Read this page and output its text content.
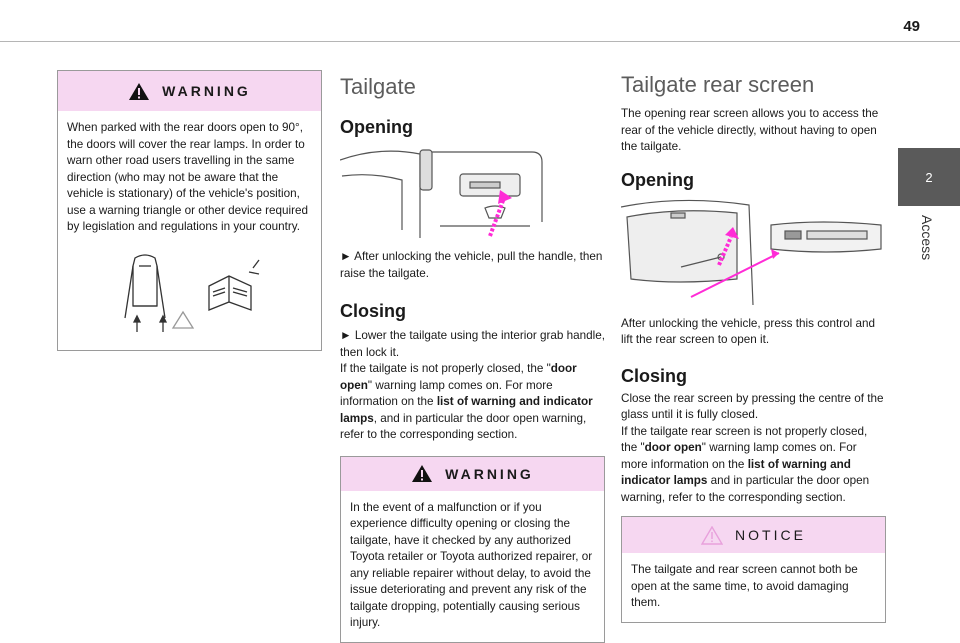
49
2
Access
WARNING

When parked with the rear doors open to 90°, the doors will cover the rear lamps. In order to warn other road users travelling in the same direction (who may not be aware that the vehicle is stationary) of the vehicle's position, use a warning triangle or other device required by legislation and regulations in your country.

Tailgate
Opening

► After unlocking the vehicle, pull the handle, then raise the tailgate.

Closing

► Lower the tailgate using the interior grab handle, then lock it.
If the tailgate is not properly closed, the "door open" warning lamp comes on. For more information on the list of warning and indicator lamps, and in particular the door open warning, refer to the corresponding section.

WARNING

In the event of a malfunction or if you experience difficulty opening or closing the tailgate, have it checked by any authorized Toyota retailer or Toyota authorized repairer, or any reliable repairer without delay, to avoid the issue deteriorating and prevent any risk of the tailgate dropping, potentially causing serious injury.

Tailgate rear screen

The opening rear screen allows you to access the rear of the vehicle directly, without having to open the tailgate.

Opening

After unlocking the vehicle, press this control and lift the rear screen to open it.

Closing

Close the rear screen by pressing the centre of the glass until it is fully closed.
If the tailgate rear screen is not properly closed, the "door open" warning lamp comes on. For more information on the list of warning and indicator lamps and in particular the door open warning, refer to the corresponding section.

NOTICE

The tailgate and rear screen cannot both be open at the same time, to avoid damaging them.
